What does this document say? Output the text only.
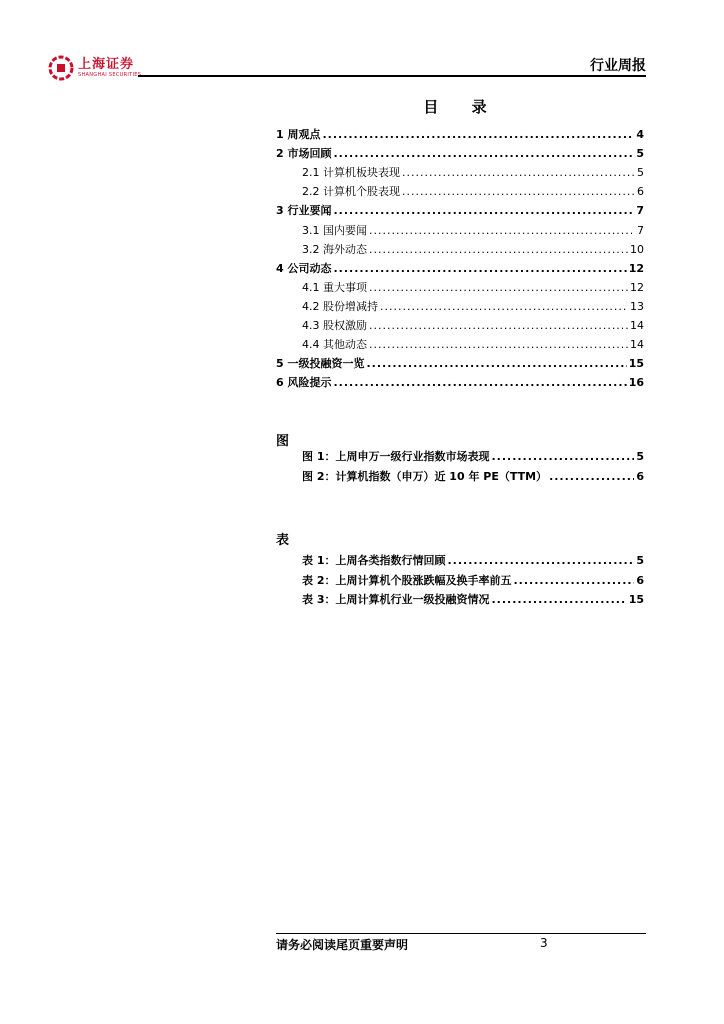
上海证券
SHANGHAI SECURITIES
行业周报
目 录
1 周观点 .....	4
2 市场回顾 .....	5
2.1 计算机板块表现 .....	5
2.2 计算机个股表现 .....	6
3 行业要闻 .....	7
3.1 国内要闻 .....	7
3.2 海外动态 .....	10
4 公司动态 .....	12
4.1 重大事项 .....	12
4.2 股份增减持 .....	13
4.3 股权激励 .....	14
4.4 其他动态 .....	14
5 一级投融资一览 .....	15
6 风险提示 .....	16
图
图 1：上周申万一级行业指数市场表现 .....	5
图 2：计算机指数（申万）近 10 年 PE（TTM） .....	6
表
表 1：上周各类指数行情回顾 .....	5
表 2：上周计算机个股涨跌幅及换手率前五 .....	6
表 3：上周计算机行业一级投融资情况 .....	15
请务必阅读尾页重要声明	3
